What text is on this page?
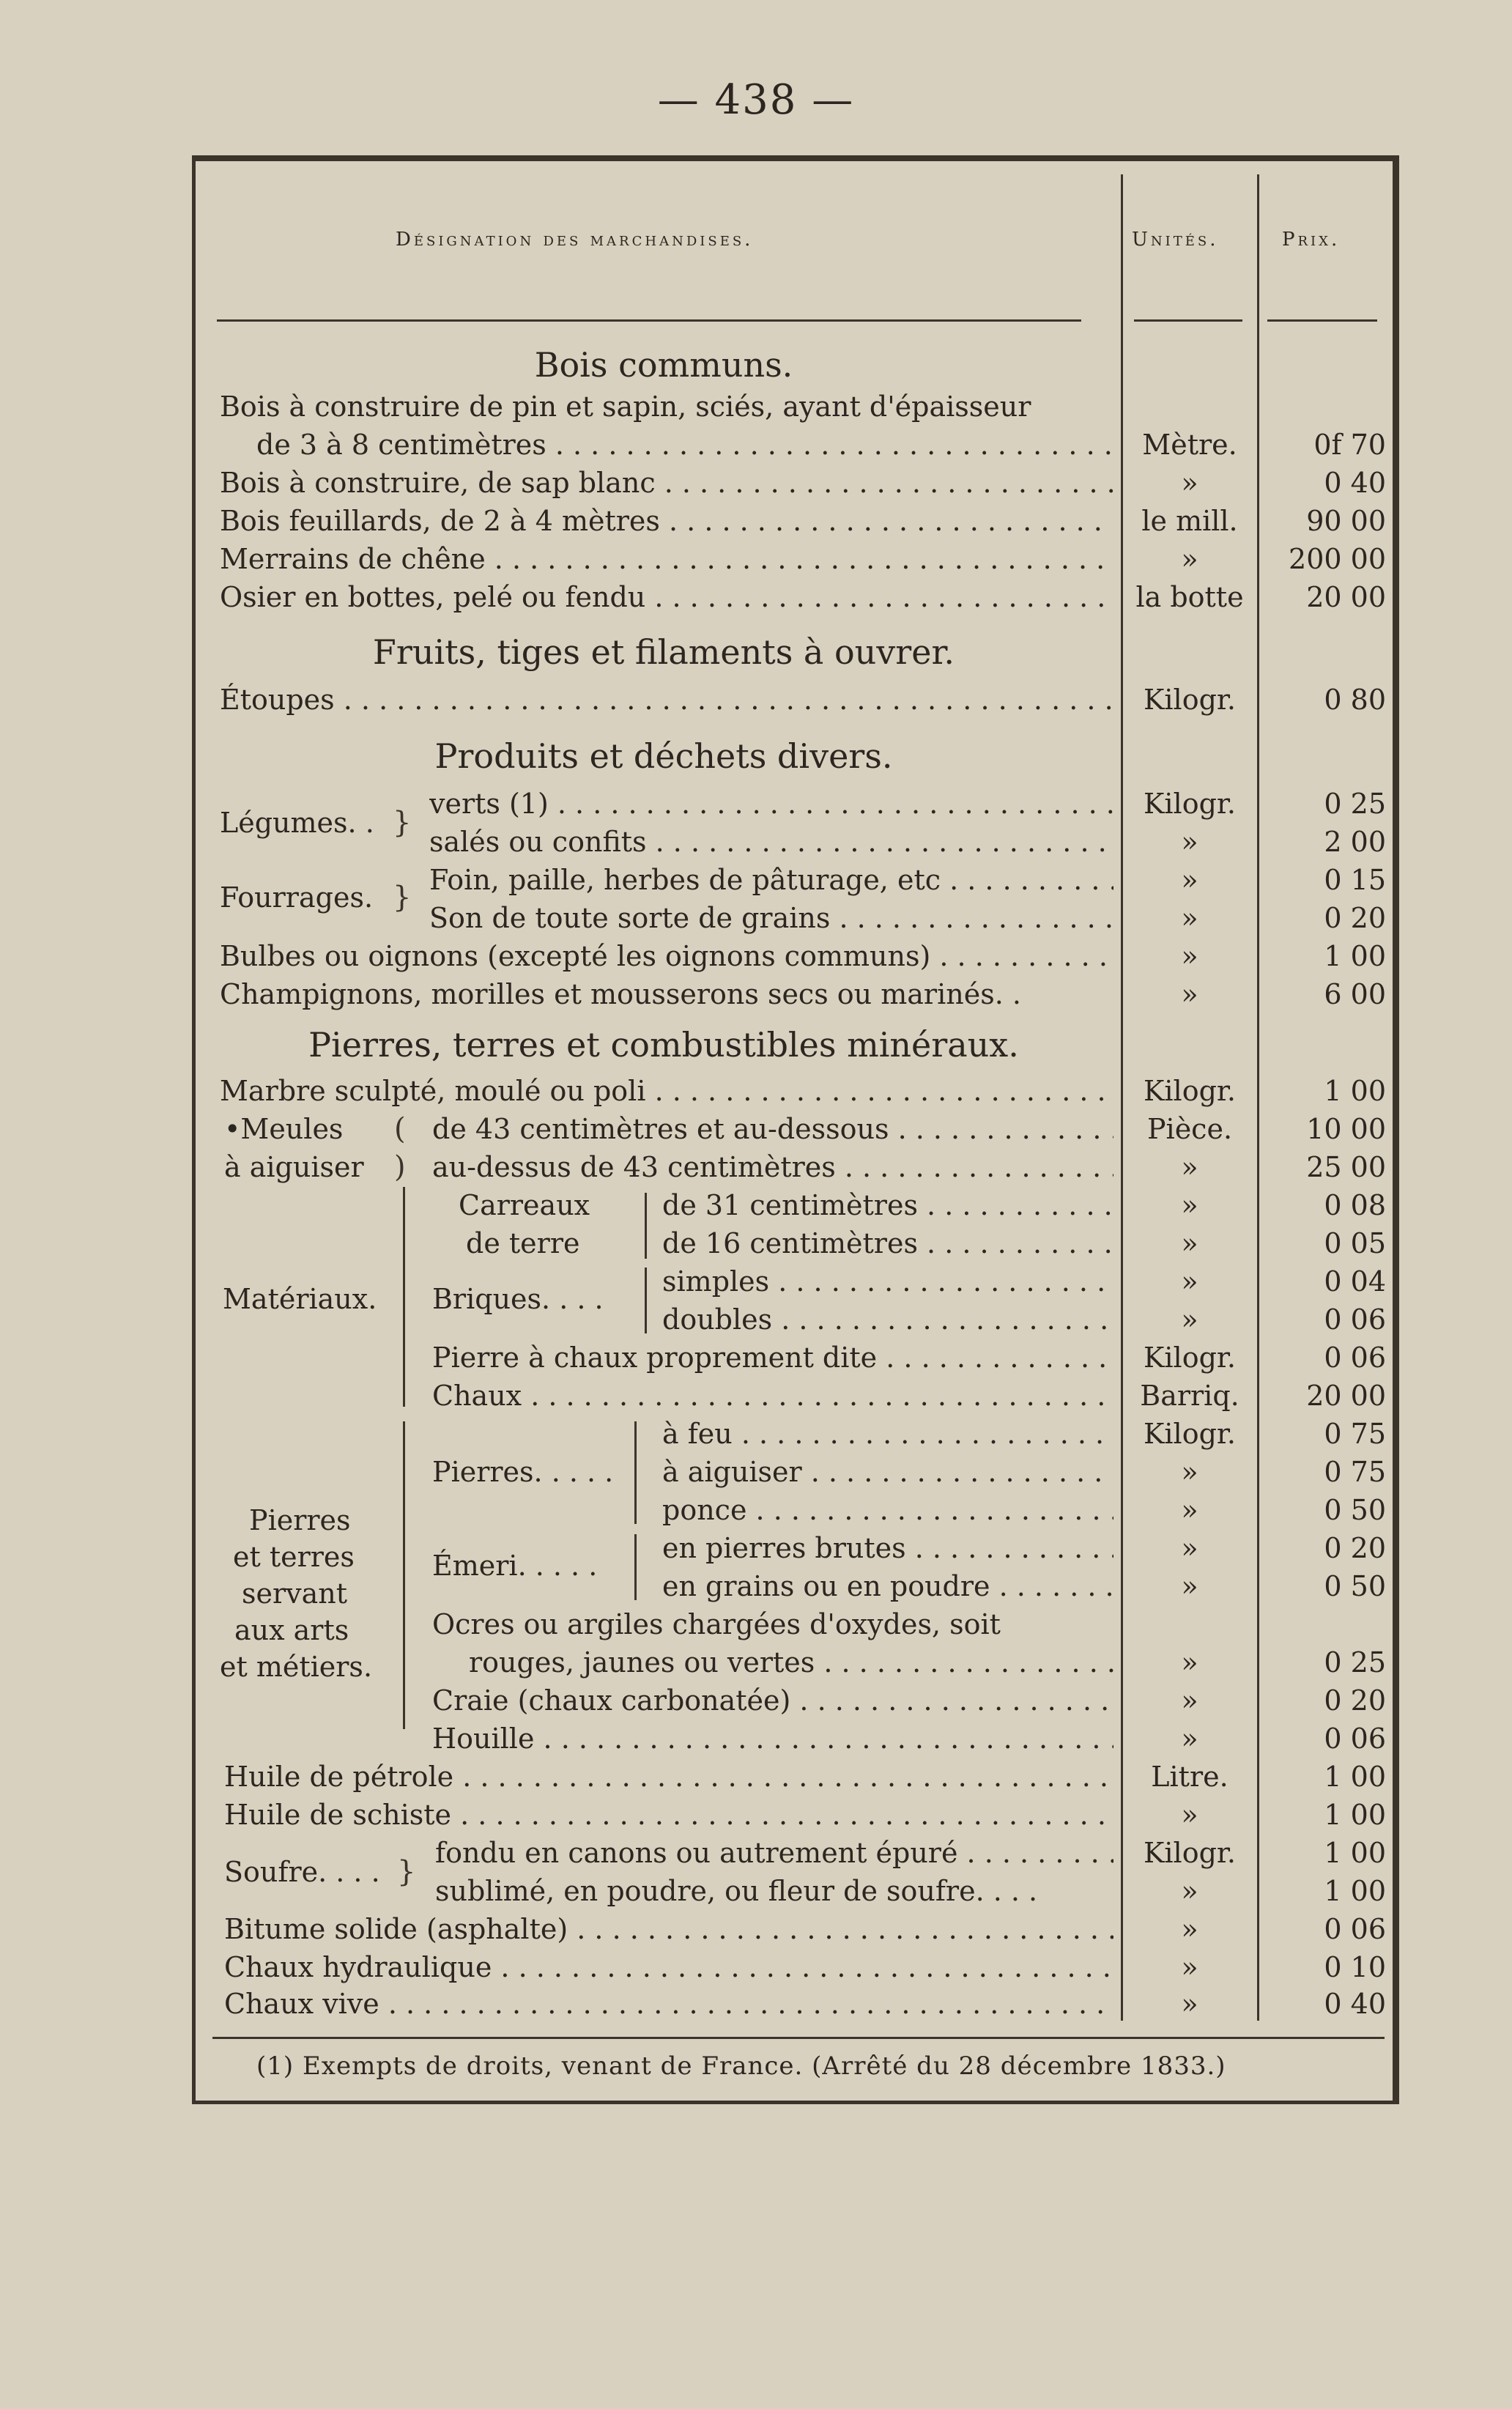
— 438 —
Désignation des marchandises.	Unités.	Prix.
Bois communs.
Bois à construire de pin et sapin, sciés, ayant d'épaisseur
de 3 à 8 centimètres . . .	Mètre.	0f 70
Bois à construire, de sap blanc . . .	»	0 40
Bois feuillards, de 2 à 4 mètres . . .	le mill.	90 00
Merrains de chêne . . .	»	200 00
Osier en bottes, pelé ou fendu . . .	la botte	20 00
Fruits, tiges et filaments à ouvrer.
Étoupes . . .	Kilogr.	0 80
Produits et déchets divers.
Légumes. . }
verts (1) . . .	Kilogr.	0 25
salés ou confits . . .	»	2 00
Fourrages. }
Foin, paille, herbes de pâturage, etc . . .	»	0 15
Son de toute sorte de grains . . .	»	0 20
Bulbes ou oignons (excepté les oignons communs) . . .	»	1 00
Champignons, morilles et mousserons secs ou marinés. .	»	6 00
Pierres, terres et combustibles minéraux.
Marbre sculpté, moulé ou poli . . .	Kilogr.	1 00
•Meules
à aiguiser
(
)
de 43 centimètres et au-dessous . . .	Pièce.	10 00
au-dessus de 43 centimètres . . .	»	25 00
Matériaux.
Carreaux
de terre
de 31 centimètres . . .	»	0 08
de 16 centimètres . . .	»	0 05
Briques. . . .
simples . . .	»	0 04
doubles . . .	»	0 06
Pierre à chaux proprement dite . . .	Kilogr.	0 06
Chaux . . .	Barriq.	20 00
Pierres
et terres
servant
aux arts
et métiers.
Pierres. . . . .
à feu . . .	Kilogr.	0 75
à aiguiser . . .	»	0 75
ponce . . .	»	0 50
Émeri. . . . .
en pierres brutes . . .	»	0 20
en grains ou en poudre . . .	»	0 50
Ocres ou argiles chargées d'oxydes, soit
rouges, jaunes ou vertes . . .	»	0 25
Craie (chaux carbonatée) . . .	»	0 20
Houille . . .	»	0 06
Huile de pétrole . . .	Litre.	1 00
Huile de schiste . . .	»	1 00
Soufre. . . . }
fondu en canons ou autrement épuré . . .	Kilogr.	1 00
sublimé, en poudre, ou fleur de soufre. . . .	»	1 00
Bitume solide (asphalte) . . .	»	0 06
Chaux hydraulique . . .	»	0 10
Chaux vive . . .	»	0 40
(1) Exempts de droits, venant de France. (Arrêté du 28 décembre 1833.)
